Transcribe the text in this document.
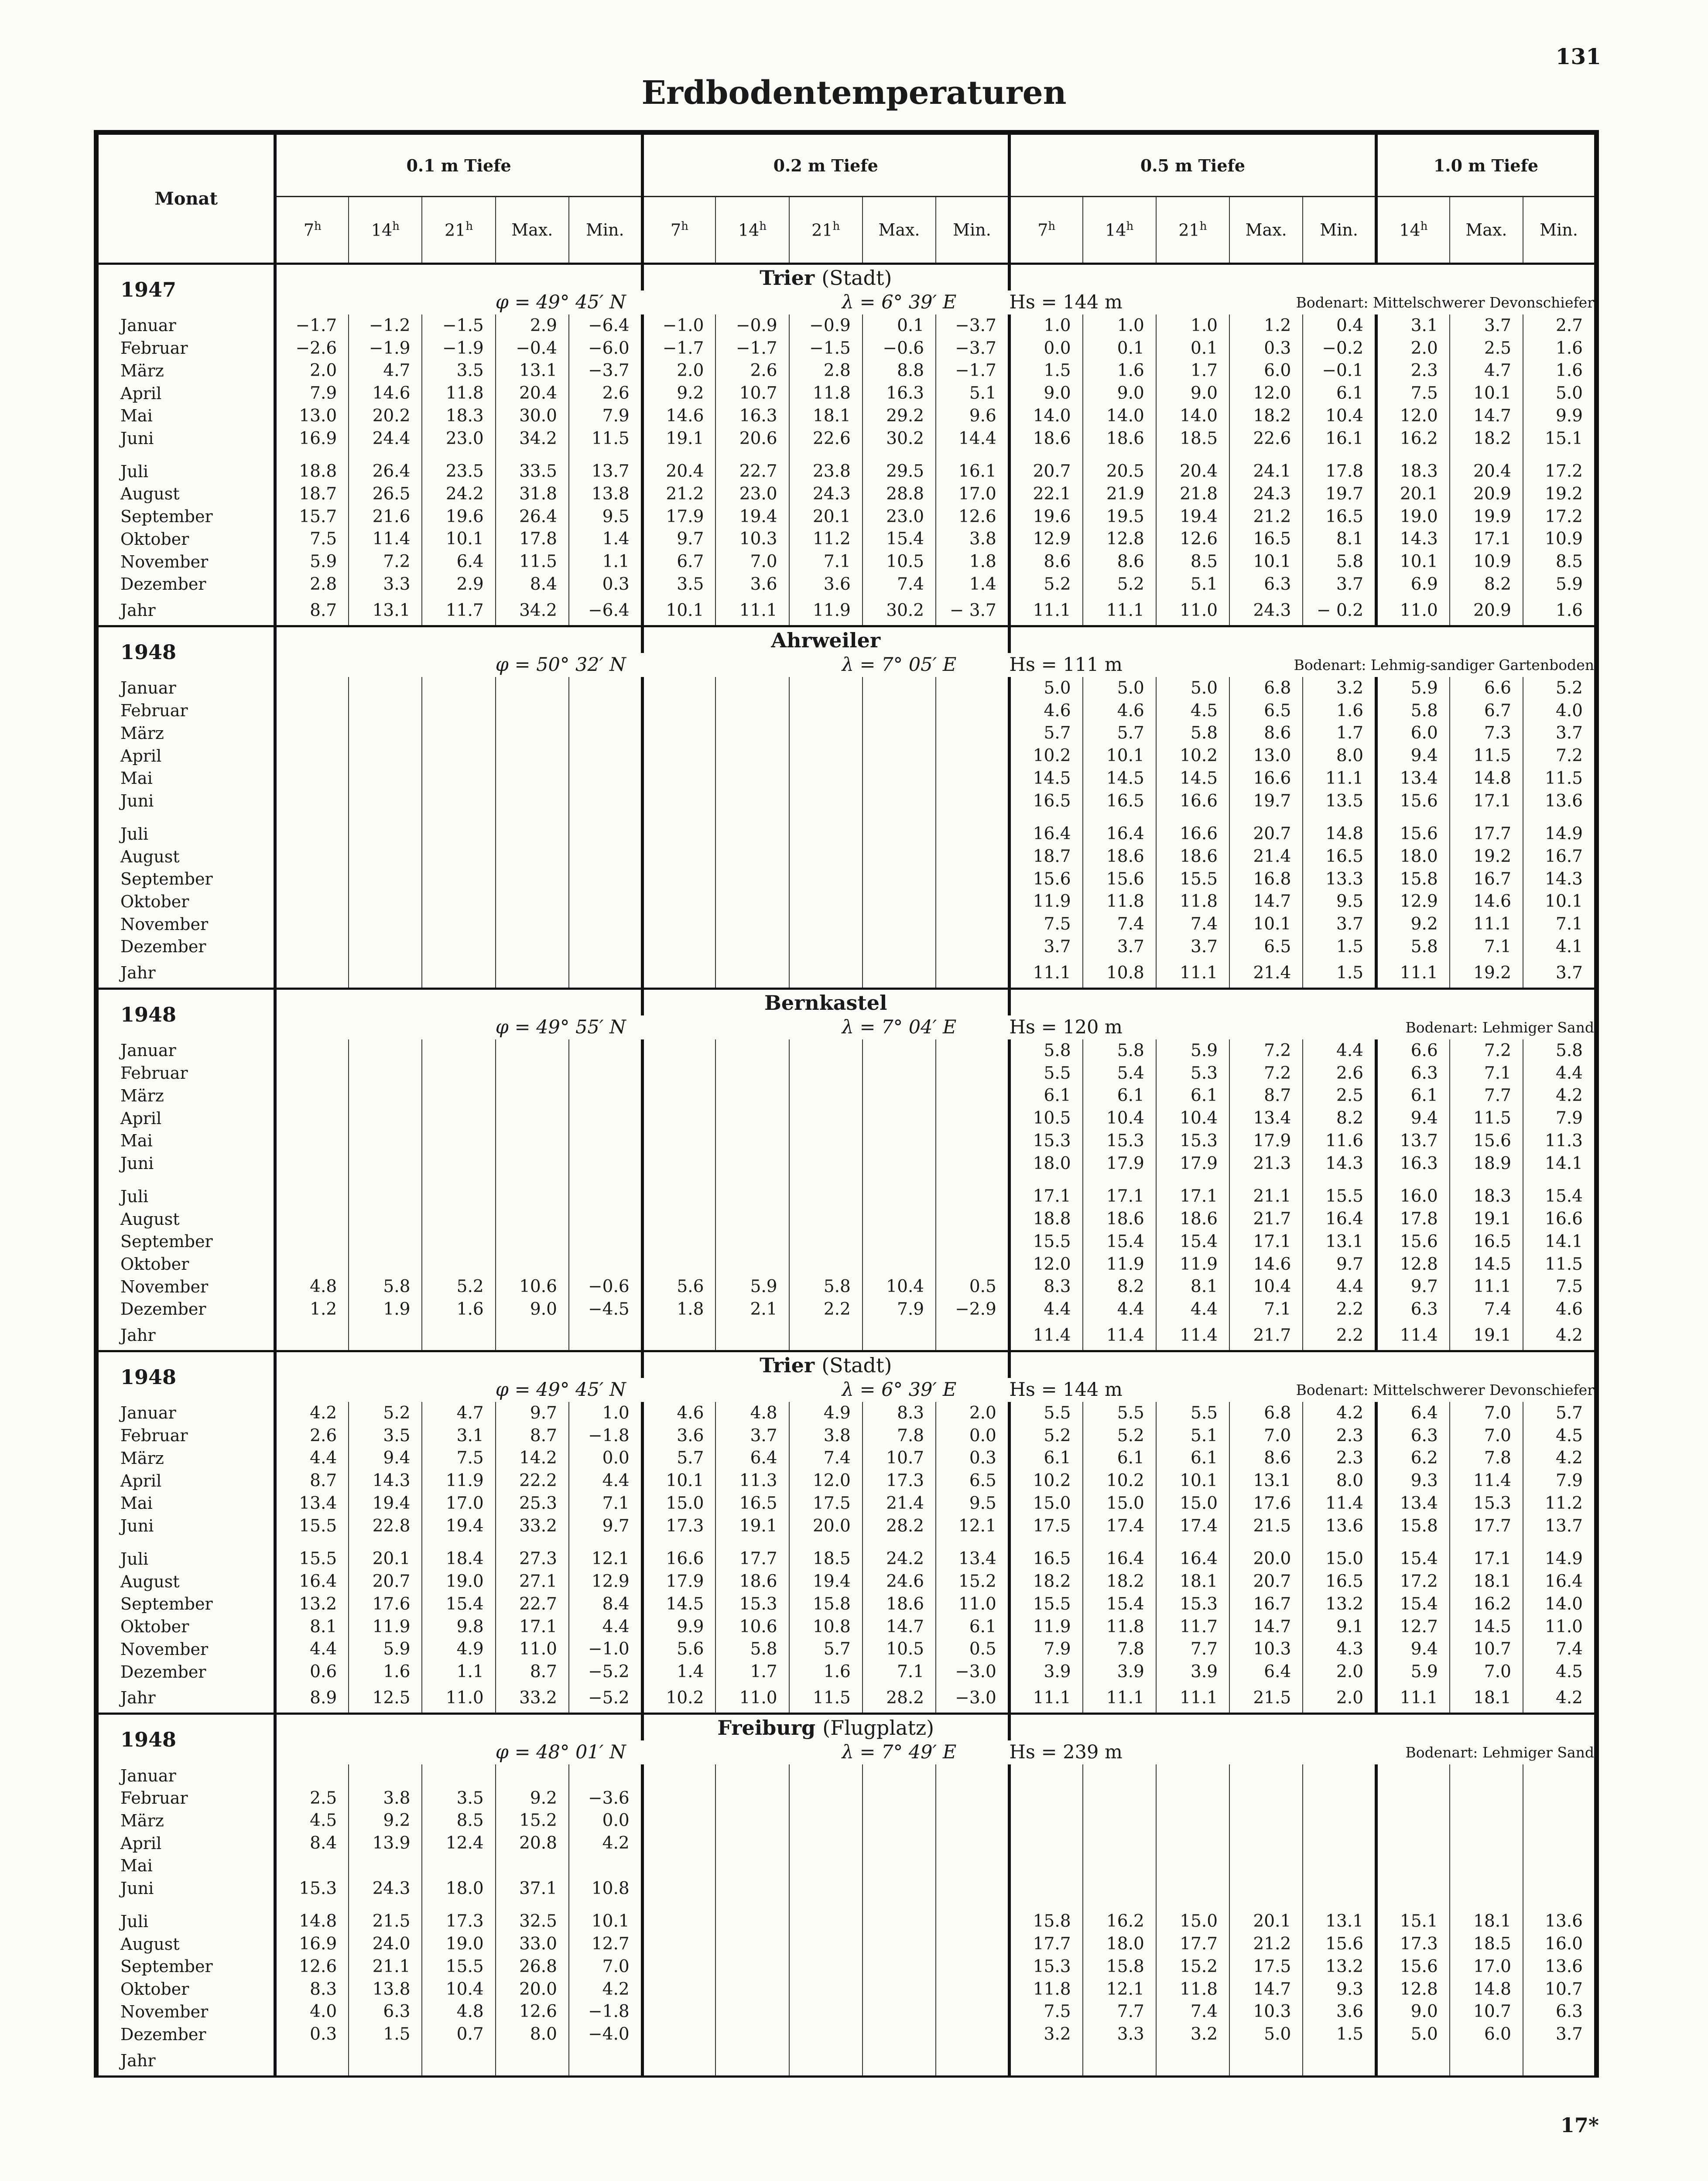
131
Erdbodentemperaturen
Monat	0.1 m Tiefe					0.2 m Tiefe					0.5 m Tiefe					1.0 m Tiefe		
	7$^h$	14$^h$	21$^h$	Max.	Min.	7$^h$	14$^h$	21$^h$	Max.	Min.	7$^h$	14$^h$	21$^h$	Max.	Min.	14$^h$	Max.	Min.
1947						Trier (Stadt)												
				φ = 49° 45′ N				λ = 6° 39′ E			Hs = 144 m			Bodenart: Mittelschwerer Devonschiefer				
Januar	−1.7	−1.2	−1.5	2.9	−6.4	−1.0	−0.9	−0.9	0.1	−3.7	1.0	1.0	1.0	1.2	0.4	3.1	3.7	2.7
Februar	−2.6	−1.9	−1.9	−0.4	−6.0	−1.7	−1.7	−1.5	−0.6	−3.7	0.0	0.1	0.1	0.3	−0.2	2.0	2.5	1.6
März	2.0	4.7	3.5	13.1	−3.7	2.0	2.6	2.8	8.8	−1.7	1.5	1.6	1.7	6.0	−0.1	2.3	4.7	1.6
April	7.9	14.6	11.8	20.4	2.6	9.2	10.7	11.8	16.3	5.1	9.0	9.0	9.0	12.0	6.1	7.5	10.1	5.0
Mai	13.0	20.2	18.3	30.0	7.9	14.6	16.3	18.1	29.2	9.6	14.0	14.0	14.0	18.2	10.4	12.0	14.7	9.9
Juni	16.9	24.4	23.0	34.2	11.5	19.1	20.6	22.6	30.2	14.4	18.6	18.6	18.5	22.6	16.1	16.2	18.2	15.1

Juli	18.8	26.4	23.5	33.5	13.7	20.4	22.7	23.8	29.5	16.1	20.7	20.5	20.4	24.1	17.8	18.3	20.4	17.2
August	18.7	26.5	24.2	31.8	13.8	21.2	23.0	24.3	28.8	17.0	22.1	21.9	21.8	24.3	19.7	20.1	20.9	19.2
September	15.7	21.6	19.6	26.4	9.5	17.9	19.4	20.1	23.0	12.6	19.6	19.5	19.4	21.2	16.5	19.0	19.9	17.2
Oktober	7.5	11.4	10.1	17.8	1.4	9.7	10.3	11.2	15.4	3.8	12.9	12.8	12.6	16.5	8.1	14.3	17.1	10.9
November	5.9	7.2	6.4	11.5	1.1	6.7	7.0	7.1	10.5	1.8	8.6	8.6	8.5	10.1	5.8	10.1	10.9	8.5
Dezember	2.8	3.3	2.9	8.4	0.3	3.5	3.6	3.6	7.4	1.4	5.2	5.2	5.1	6.3	3.7	6.9	8.2	5.9
Jahr	8.7	13.1	11.7	34.2	−6.4	10.1	11.1	11.9	30.2	− 3.7	11.1	11.1	11.0	24.3	− 0.2	11.0	20.9	1.6
1948						Ahrweiler												
				φ = 50° 32′ N				λ = 7° 05′ E			Hs = 111 m			Bodenart: Lehmig-sandiger Gartenboden				
Januar											5.0	5.0	5.0	6.8	3.2	5.9	6.6	5.2
Februar											4.6	4.6	4.5	6.5	1.6	5.8	6.7	4.0
März											5.7	5.7	5.8	8.6	1.7	6.0	7.3	3.7
April											10.2	10.1	10.2	13.0	8.0	9.4	11.5	7.2
Mai											14.5	14.5	14.5	16.6	11.1	13.4	14.8	11.5
Juni											16.5	16.5	16.6	19.7	13.5	15.6	17.1	13.6

Juli											16.4	16.4	16.6	20.7	14.8	15.6	17.7	14.9
August											18.7	18.6	18.6	21.4	16.5	18.0	19.2	16.7
September											15.6	15.6	15.5	16.8	13.3	15.8	16.7	14.3
Oktober											11.9	11.8	11.8	14.7	9.5	12.9	14.6	10.1
November											7.5	7.4	7.4	10.1	3.7	9.2	11.1	7.1
Dezember											3.7	3.7	3.7	6.5	1.5	5.8	7.1	4.1
Jahr											11.1	10.8	11.1	21.4	1.5	11.1	19.2	3.7
1948						Bernkastel												
				φ = 49° 55′ N				λ = 7° 04′ E			Hs = 120 m			Bodenart: Lehmiger Sand				
Januar											5.8	5.8	5.9	7.2	4.4	6.6	7.2	5.8
Februar											5.5	5.4	5.3	7.2	2.6	6.3	7.1	4.4
März											6.1	6.1	6.1	8.7	2.5	6.1	7.7	4.2
April											10.5	10.4	10.4	13.4	8.2	9.4	11.5	7.9
Mai											15.3	15.3	15.3	17.9	11.6	13.7	15.6	11.3
Juni											18.0	17.9	17.9	21.3	14.3	16.3	18.9	14.1

Juli											17.1	17.1	17.1	21.1	15.5	16.0	18.3	15.4
August											18.8	18.6	18.6	21.7	16.4	17.8	19.1	16.6
September											15.5	15.4	15.4	17.1	13.1	15.6	16.5	14.1
Oktober											12.0	11.9	11.9	14.6	9.7	12.8	14.5	11.5
November	4.8	5.8	5.2	10.6	−0.6	5.6	5.9	5.8	10.4	0.5	8.3	8.2	8.1	10.4	4.4	9.7	11.1	7.5
Dezember	1.2	1.9	1.6	9.0	−4.5	1.8	2.1	2.2	7.9	−2.9	4.4	4.4	4.4	7.1	2.2	6.3	7.4	4.6
Jahr											11.4	11.4	11.4	21.7	2.2	11.4	19.1	4.2
1948						Trier (Stadt)												
				φ = 49° 45′ N				λ = 6° 39′ E			Hs = 144 m			Bodenart: Mittelschwerer Devonschiefer				
Januar	4.2	5.2	4.7	9.7	1.0	4.6	4.8	4.9	8.3	2.0	5.5	5.5	5.5	6.8	4.2	6.4	7.0	5.7
Februar	2.6	3.5	3.1	8.7	−1.8	3.6	3.7	3.8	7.8	0.0	5.2	5.2	5.1	7.0	2.3	6.3	7.0	4.5
März	4.4	9.4	7.5	14.2	0.0	5.7	6.4	7.4	10.7	0.3	6.1	6.1	6.1	8.6	2.3	6.2	7.8	4.2
April	8.7	14.3	11.9	22.2	4.4	10.1	11.3	12.0	17.3	6.5	10.2	10.2	10.1	13.1	8.0	9.3	11.4	7.9
Mai	13.4	19.4	17.0	25.3	7.1	15.0	16.5	17.5	21.4	9.5	15.0	15.0	15.0	17.6	11.4	13.4	15.3	11.2
Juni	15.5	22.8	19.4	33.2	9.7	17.3	19.1	20.0	28.2	12.1	17.5	17.4	17.4	21.5	13.6	15.8	17.7	13.7

Juli	15.5	20.1	18.4	27.3	12.1	16.6	17.7	18.5	24.2	13.4	16.5	16.4	16.4	20.0	15.0	15.4	17.1	14.9
August	16.4	20.7	19.0	27.1	12.9	17.9	18.6	19.4	24.6	15.2	18.2	18.2	18.1	20.7	16.5	17.2	18.1	16.4
September	13.2	17.6	15.4	22.7	8.4	14.5	15.3	15.8	18.6	11.0	15.5	15.4	15.3	16.7	13.2	15.4	16.2	14.0
Oktober	8.1	11.9	9.8	17.1	4.4	9.9	10.6	10.8	14.7	6.1	11.9	11.8	11.7	14.7	9.1	12.7	14.5	11.0
November	4.4	5.9	4.9	11.0	−1.0	5.6	5.8	5.7	10.5	0.5	7.9	7.8	7.7	10.3	4.3	9.4	10.7	7.4
Dezember	0.6	1.6	1.1	8.7	−5.2	1.4	1.7	1.6	7.1	−3.0	3.9	3.9	3.9	6.4	2.0	5.9	7.0	4.5
Jahr	8.9	12.5	11.0	33.2	−5.2	10.2	11.0	11.5	28.2	−3.0	11.1	11.1	11.1	21.5	2.0	11.1	18.1	4.2
1948						Freiburg (Flugplatz)												
				φ = 48° 01′ N				λ = 7° 49′ E			Hs = 239 m			Bodenart: Lehmiger Sand				
Januar																		
Februar	2.5	3.8	3.5	9.2	−3.6													
März	4.5	9.2	8.5	15.2	0.0													
April	8.4	13.9	12.4	20.8	4.2													
Mai																		
Juni	15.3	24.3	18.0	37.1	10.8													

Juli	14.8	21.5	17.3	32.5	10.1						15.8	16.2	15.0	20.1	13.1	15.1	18.1	13.6
August	16.9	24.0	19.0	33.0	12.7						17.7	18.0	17.7	21.2	15.6	17.3	18.5	16.0
September	12.6	21.1	15.5	26.8	7.0						15.3	15.8	15.2	17.5	13.2	15.6	17.0	13.6
Oktober	8.3	13.8	10.4	20.0	4.2						11.8	12.1	11.8	14.7	9.3	12.8	14.8	10.7
November	4.0	6.3	4.8	12.6	−1.8						7.5	7.7	7.4	10.3	3.6	9.0	10.7	6.3
Dezember	0.3	1.5	0.7	8.0	−4.0						3.2	3.3	3.2	5.0	1.5	5.0	6.0	3.7
Jahr																		
17*
